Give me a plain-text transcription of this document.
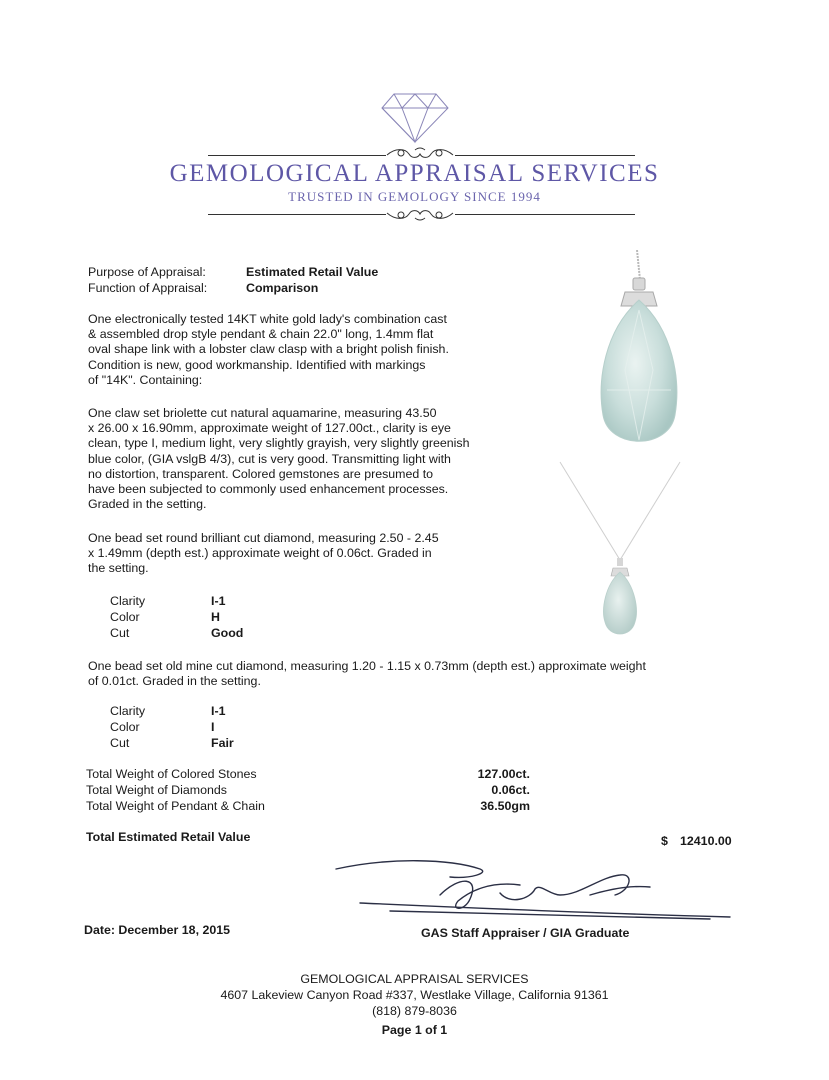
GEMOLOGICAL APPRAISAL SERVICES
TRUSTED IN GEMOLOGY SINCE 1994
Purpose of Appraisal:	Estimated Retail Value
Function of Appraisal:	Comparison

One electronically tested 14KT white gold lady's combination cast
& assembled drop style pendant & chain 22.0" long, 1.4mm flat
oval shape link with a lobster claw clasp with a bright polish finish.
Condition is new, good workmanship. Identified with markings
of "14K". Containing:

One claw set briolette cut natural aquamarine, measuring 43.50
x 26.00 x 16.90mm, approximate weight of 127.00ct., clarity is eye
clean, type I, medium light, very slightly grayish, very slightly greenish
blue color, (GIA vslgB 4/3), cut is very good. Transmitting light with
no distortion, transparent. Colored gemstones are presumed to
have been subjected to commonly used enhancement processes.
Graded in the setting.

One bead set round brilliant cut diamond, measuring 2.50 - 2.45
x 1.49mm (depth est.) approximate weight of 0.06ct. Graded in
the setting.

Clarity	I-1
Color	H
Cut	Good

One bead set old mine cut diamond, measuring 1.20 - 1.15 x 0.73mm (depth est.) approximate weight
of 0.01ct. Graded in the setting.

Clarity	I-1
Color	I
Cut	Fair
Total Weight of Colored Stones	127.00ct.
Total Weight of Diamonds	0.06ct.
Total Weight of Pendant & Chain	36.50gm
Total Estimated Retail Value	$ 12410.00
Date: December 18, 2015	GAS Staff Appraiser / GIA Graduate
GEMOLOGICAL APPRAISAL SERVICES
4607 Lakeview Canyon Road #337, Westlake Village, California 91361
(818) 879-8036
Page 1 of 1
